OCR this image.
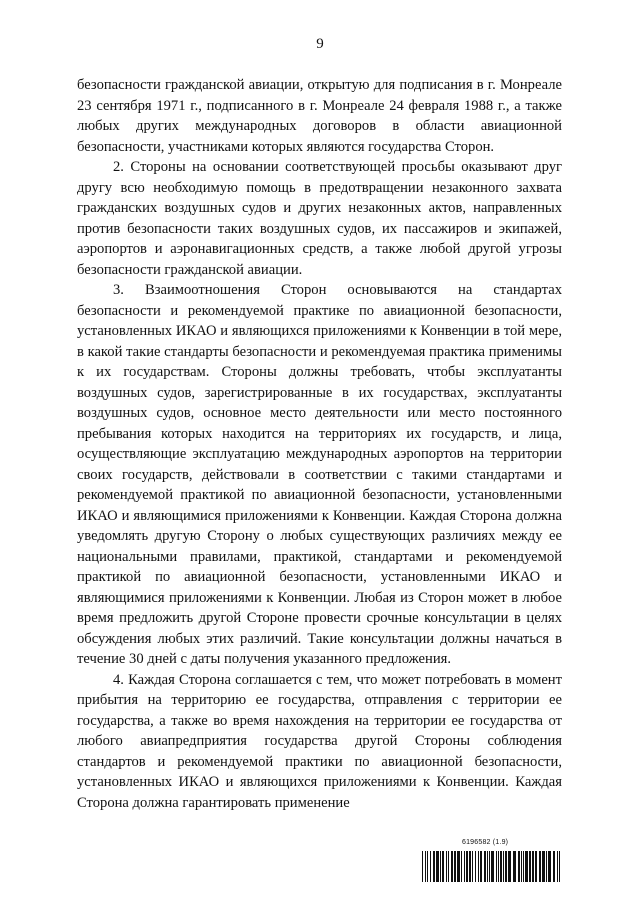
9

безопасности гражданской авиации, открытую для подписания в г. Монреале 23 сентября 1971 г., подписанного в г. Монреале 24 февраля 1988 г., а также любых других международных договоров в области авиационной безопасности, участниками которых являются государства Сторон.

2. Стороны на основании соответствующей просьбы оказывают друг другу всю необходимую помощь в предотвращении незаконного захвата гражданских воздушных судов и других незаконных актов, направленных против безопасности таких воздушных судов, их пассажиров и экипажей, аэропортов и аэронавигационных средств, а также любой другой угрозы безопасности гражданской авиации.

3. Взаимоотношения Сторон основываются на стандартах безопасности и рекомендуемой практике по авиационной безопасности, установленных ИКАО и являющихся приложениями к Конвенции в той мере, в какой такие стандарты безопасности и рекомендуемая практика применимы к их государствам. Стороны должны требовать, чтобы эксплуатанты воздушных судов, зарегистрированные в их государствах, эксплуатанты воздушных судов, основное место деятельности или место постоянного пребывания которых находится на территориях их государств, и лица, осуществляющие эксплуатацию международных аэропортов на территории своих государств, действовали в соответствии с такими стандартами и рекомендуемой практикой по авиационной безопасности, установленными ИКАО и являющимися приложениями к Конвенции. Каждая Сторона должна уведомлять другую Сторону о любых существующих различиях между ее национальными правилами, практикой, стандартами и рекомендуемой практикой по авиационной безопасности, установленными ИКАО и являющимися приложениями к Конвенции. Любая из Сторон может в любое время предложить другой Стороне провести срочные консультации в целях обсуждения любых этих различий. Такие консультации должны начаться в течение 30 дней с даты получения указанного предложения.

4. Каждая Сторона соглашается с тем, что может потребовать в момент прибытия на территорию ее государства, отправления с территории ее государства, а также во время нахождения на территории ее государства от любого авиапредприятия государства другой Стороны соблюдения стандартов и рекомендуемой практики по авиационной безопасности, установленных ИКАО и являющихся приложениями к Конвенции. Каждая Сторона должна гарантировать применение

6196582 (1.9)
